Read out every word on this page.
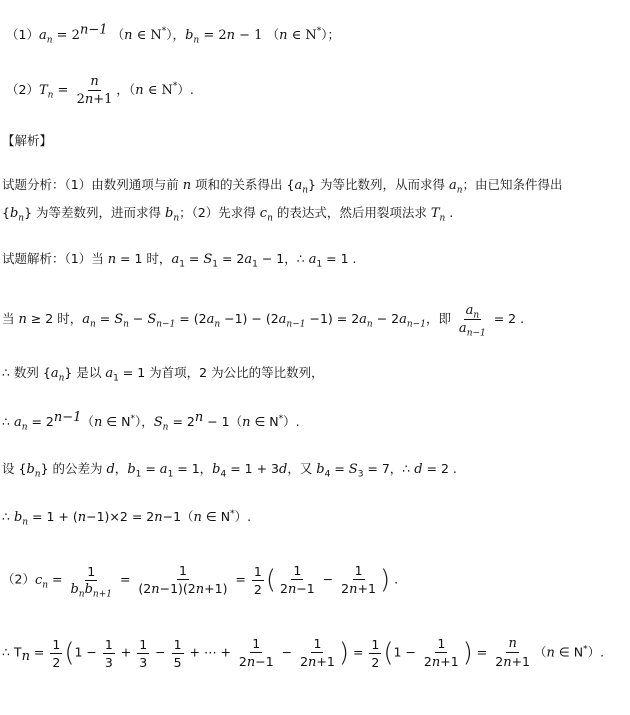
$(1)a_n = 2^{n-1}$ （n ∈ N*），$b_n = 2n - 1$ （n ∈ N*）；
$(2)T_n = \frac{n}{2n+1}$ ，（n ∈ N*）.
【解析】
试题分析：（1）由数列通项与前 n 项和的关系得出 $\{a_n\}$ 为等比数列，从而求得 $a_n$；由已知条件得出
$\{b_n\}$ 为等差数列，进而求得 $b_n$；（2）先求得 $c_n$ 的表达式，然后用裂项法求 $T_n$ .
试题解析：（1）当 n = 1 时，$a_1 = S_1 = 2a_1 - 1$，∴ $a_1 = 1$ .
当 n ≥ 2 时，$a_n = S_n - S_{n-1} = (2a_n -1) - (2a_{n-1} -1) = 2a_n - 2a_{n-1}$，即 $\frac{a_n}{a_{n-1}} = 2$ .
∴ 数列 $\{a_n\}$ 是以 $a_1 = 1$ 为首项，2 为公比的等比数列，
∴ $a_n = 2^{n-1}(n$ ∈ N*），$S_n = 2^n - 1(n$ ∈ N*）.
设 $\{b_n\}$ 的公差为 d，$b_1 = a_1 = 1$，$b_4 = 1 + 3d$，又 $b_4 = S_3 = 7$，∴ d = 2 .
∴ $b_n = 1 + (n-1)\times 2 = 2n-1(n$ ∈ N*）.
$(2)c_n = \frac{1}{b_nb_{n+1}} = \frac{1}{(2n-1)(2n+1)} = \frac{1}{2}$ ( $\frac{1}{2n-1} - \frac{1}{2n+1}$ ) .
∴ $T_n = \frac{1}{2} (1 - \frac{1}{3} + \frac{1}{3} - \frac{1}{5}$ + ⋯ + $\frac{1}{2n-1} - \frac{1}{2n+1}$ ) = $\frac{1}{2} (1 - \frac{1}{2n+1}$ ) = $\frac{n}{2n+1} (n$ ∈ N*）.
